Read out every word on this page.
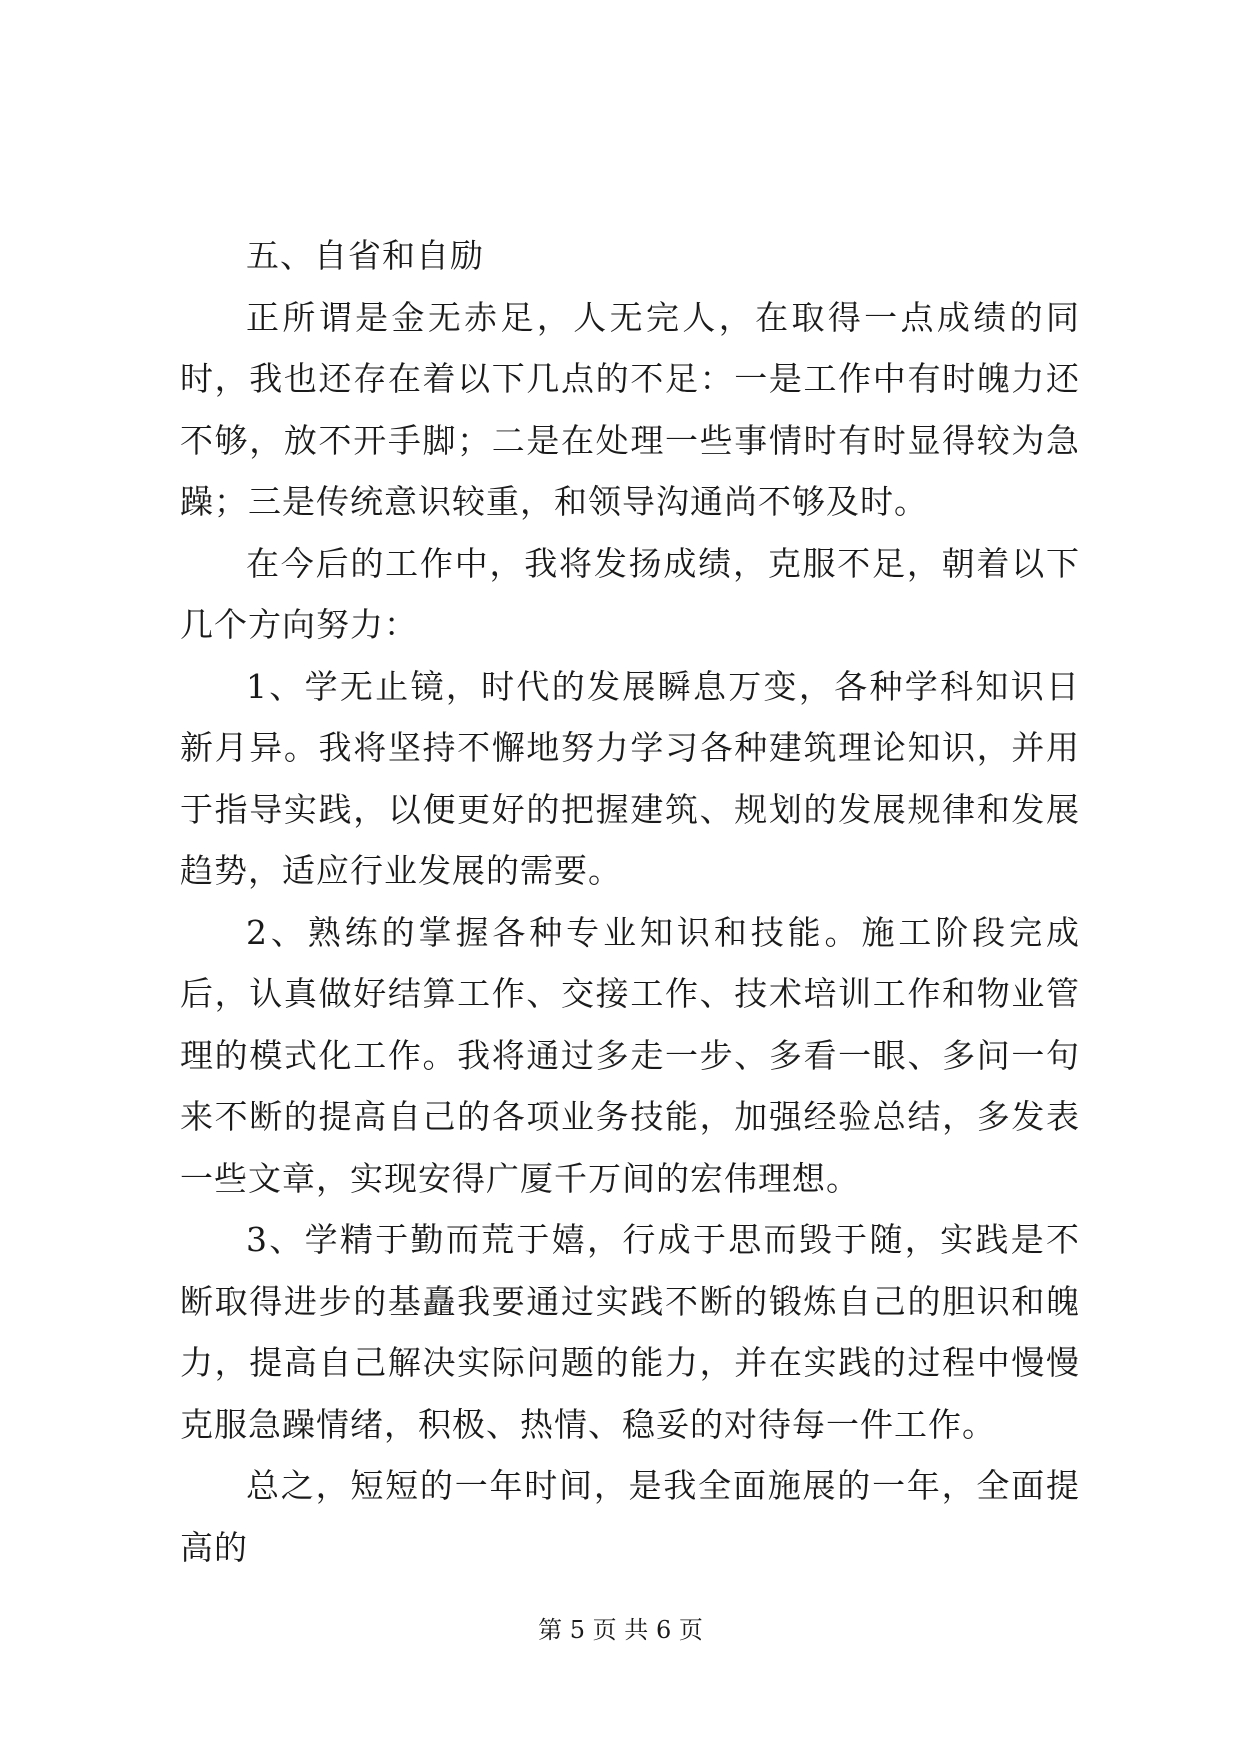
五、自省和自励

正所谓是金无赤足，人无完人，在取得一点成绩的同时，我也还存在着以下几点的不足：一是工作中有时魄力还不够，放不开手脚；二是在处理一些事情时有时显得较为急躁；三是传统意识较重，和领导沟通尚不够及时。

在今后的工作中，我将发扬成绩，克服不足，朝着以下几个方向努力：

1、学无止镜，时代的发展瞬息万变，各种学科知识日新月异。我将坚持不懈地努力学习各种建筑理论知识，并用于指导实践，以便更好的把握建筑、规划的发展规律和发展趋势，适应行业发展的需要。

2、熟练的掌握各种专业知识和技能。施工阶段完成后，认真做好结算工作、交接工作、技术培训工作和物业管理的模式化工作。我将通过多走一步、多看一眼、多问一句来不断的提高自己的各项业务技能，加强经验总结，多发表一些文章，实现安得广厦千万间的宏伟理想。

3、学精于勤而荒于嬉，行成于思而毁于随，实践是不断取得进步的基矗我要通过实践不断的锻炼自己的胆识和魄力，提高自己解决实际问题的能力，并在实践的过程中慢慢克服急躁情绪，积极、热情、稳妥的对待每一件工作。

总之，短短的一年时间，是我全面施展的一年，全面提高的

第 5 页 共 6 页
